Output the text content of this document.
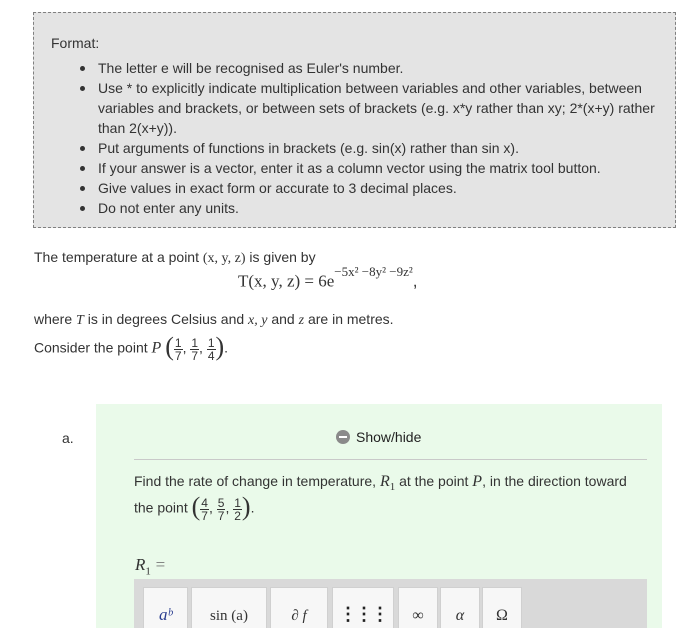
Format:
The letter e will be recognised as Euler's number.
Use * to explicitly indicate multiplication between variables and other variables, between variables and brackets, or between sets of brackets (e.g. x*y rather than xy; 2*(x+y) rather than 2(x+y)).
Put arguments of functions in brackets (e.g. sin(x) rather than sin x).
If your answer is a vector, enter it as a column vector using the matrix tool button.
Give values in exact form or accurate to 3 decimal places.
Do not enter any units.
The temperature at a point (x, y, z) is given by
T(x, y, $z) = 6e^{-5x^2 -8y^2 -9z^2}$,
where T is in degrees Celsius and x, y and z are in metres.
Consider the point P ( $\frac{1}{7}$ , $\frac{1}{7}$ , $\frac{1}{4}$ ).
a.	Show/hide
Find the rate of change in temperature, $R_1$ at the point P, in the direction toward
the point ( $\frac{4}{7}$ , $\frac{5}{7}$ , $\frac{1}{2}$ ).
$R_1$ =
aᵇ	sin (a)	∂ f ⋮⋮⋮ ∞ α Ω
